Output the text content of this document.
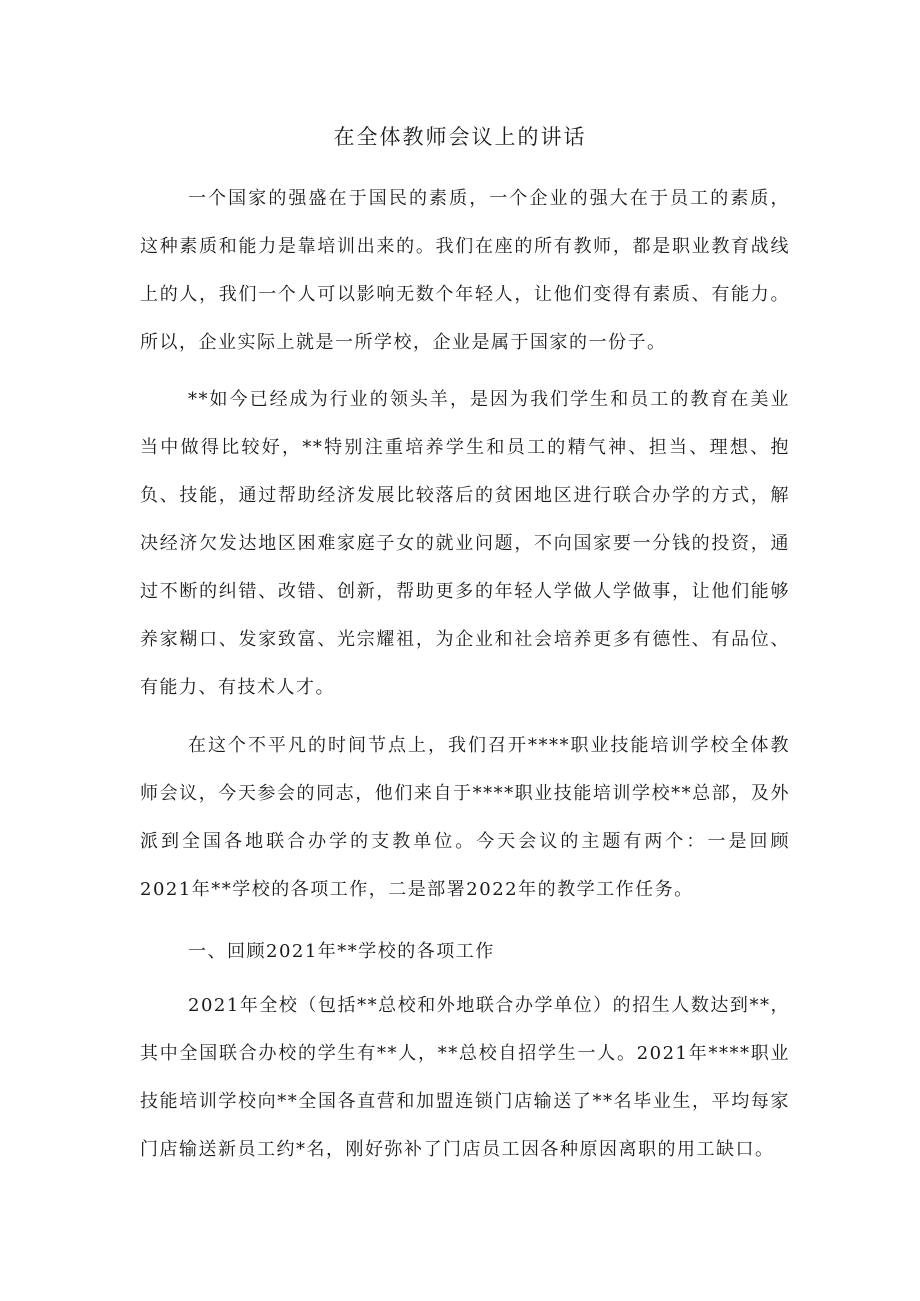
在全体教师会议上的讲话

一个国家的强盛在于国民的素质，一个企业的强大在于员工的素质，这种素质和能力是靠培训出来的。我们在座的所有教师，都是职业教育战线上的人，我们一个人可以影响无数个年轻人，让他们变得有素质、有能力。所以，企业实际上就是一所学校，企业是属于国家的一份子。

**如今已经成为行业的领头羊，是因为我们学生和员工的教育在美业当中做得比较好，**特别注重培养学生和员工的精气神、担当、理想、抱负、技能，通过帮助经济发展比较落后的贫困地区进行联合办学的方式，解决经济欠发达地区困难家庭子女的就业问题，不向国家要一分钱的投资，通过不断的纠错、改错、创新，帮助更多的年轻人学做人学做事，让他们能够养家糊口、发家致富、光宗耀祖，为企业和社会培养更多有德性、有品位、有能力、有技术人才。

在这个不平凡的时间节点上，我们召开****职业技能培训学校全体教师会议，今天参会的同志，他们来自于****职业技能培训学校**总部，及外派到全国各地联合办学的支教单位。今天会议的主题有两个：一是回顾2021年**学校的各项工作，二是部署2022年的教学工作任务。

一、回顾2021年**学校的各项工作

2021年全校（包括**总校和外地联合办学单位）的招生人数达到**，其中全国联合办校的学生有**人，**总校自招学生一人。2021年****职业技能培训学校向**全国各直营和加盟连锁门店输送了**名毕业生，平均每家门店输送新员工约*名，刚好弥补了门店员工因各种原因离职的用工缺口。
